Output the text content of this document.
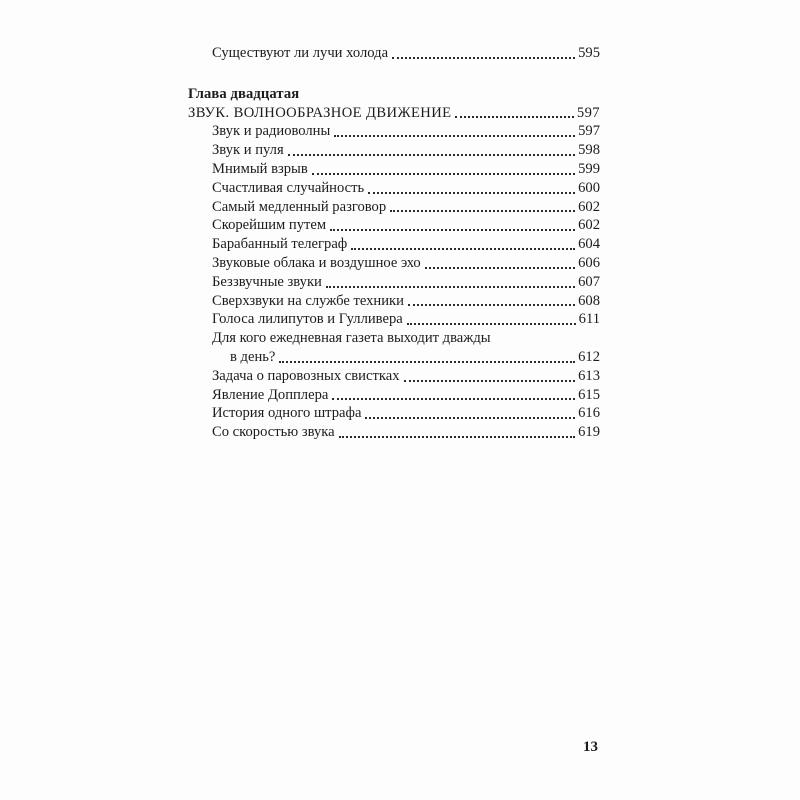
Существуют ли лучи холода	595
Глава двадцатая
ЗВУК. ВОЛНООБРАЗНОЕ ДВИЖЕНИЕ	597
Звук и радиоволны	597
Звук и пуля	598
Мнимый взрыв	599
Счастливая случайность	600
Самый медленный разговор	602
Скорейшим путем	602
Барабанный телеграф	604
Звуковые облака и воздушное эхо	606
Беззвучные звуки	607
Сверхзвуки на службе техники	608
Голоса лилипутов и Гулливера	611
Для кого ежедневная газета выходит дважды
в день?	612
Задача о паровозных свистках	613
Явление Допплера	615
История одного штрафа	616
Со скоростью звука	619
13
